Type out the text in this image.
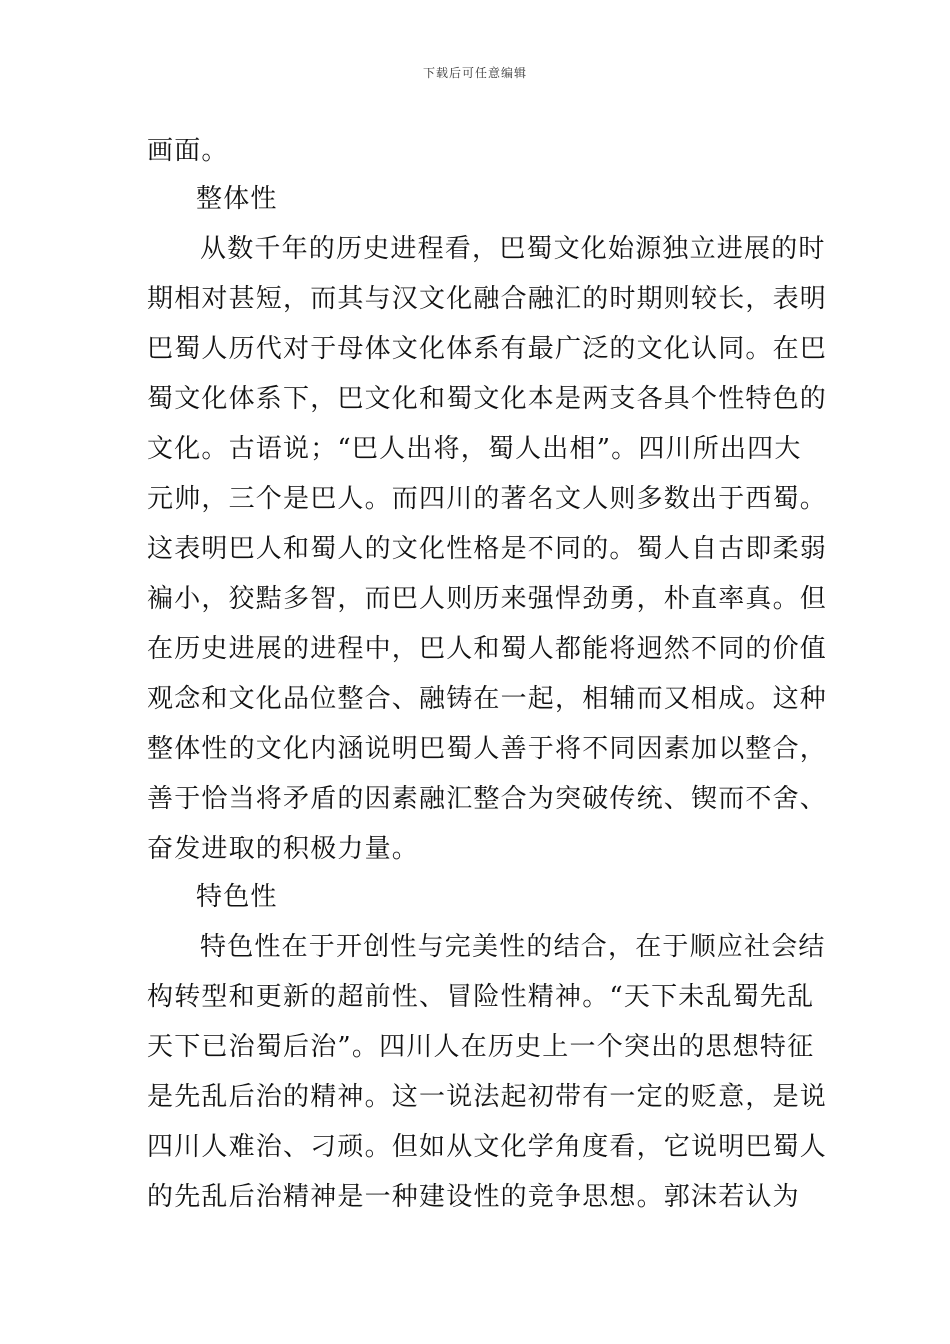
下载后可任意编辑
画面。
整体性
从数千年的历史进程看，巴蜀文化始源独立进展的时
期相对甚短，而其与汉文化融合融汇的时期则较长，表明
巴蜀人历代对于母体文化体系有最广泛的文化认同。在巴
蜀文化体系下，巴文化和蜀文化本是两支各具个性特色的
文化。古语说；“巴人出将，蜀人出相”。四川所出四大
元帅，三个是巴人。而四川的著名文人则多数出于西蜀。
这表明巴人和蜀人的文化性格是不同的。蜀人自古即柔弱
褊小，狡黠多智，而巴人则历来强悍劲勇，朴直率真。但
在历史进展的进程中，巴人和蜀人都能将迥然不同的价值
观念和文化品位整合、融铸在一起，相辅而又相成。这种
整体性的文化内涵说明巴蜀人善于将不同因素加以整合，
善于恰当将矛盾的因素融汇整合为突破传统、锲而不舍、
奋发进取的积极力量。
特色性
特色性在于开创性与完美性的结合，在于顺应社会结
构转型和更新的超前性、冒险性精神。“天下未乱蜀先乱
天下已治蜀后治”。四川人在历史上一个突出的思想特征
是先乱后治的精神。这一说法起初带有一定的贬意，是说
四川人难治、刁顽。但如从文化学角度看，它说明巴蜀人
的先乱后治精神是一种建设性的竞争思想。郭沫若认为
